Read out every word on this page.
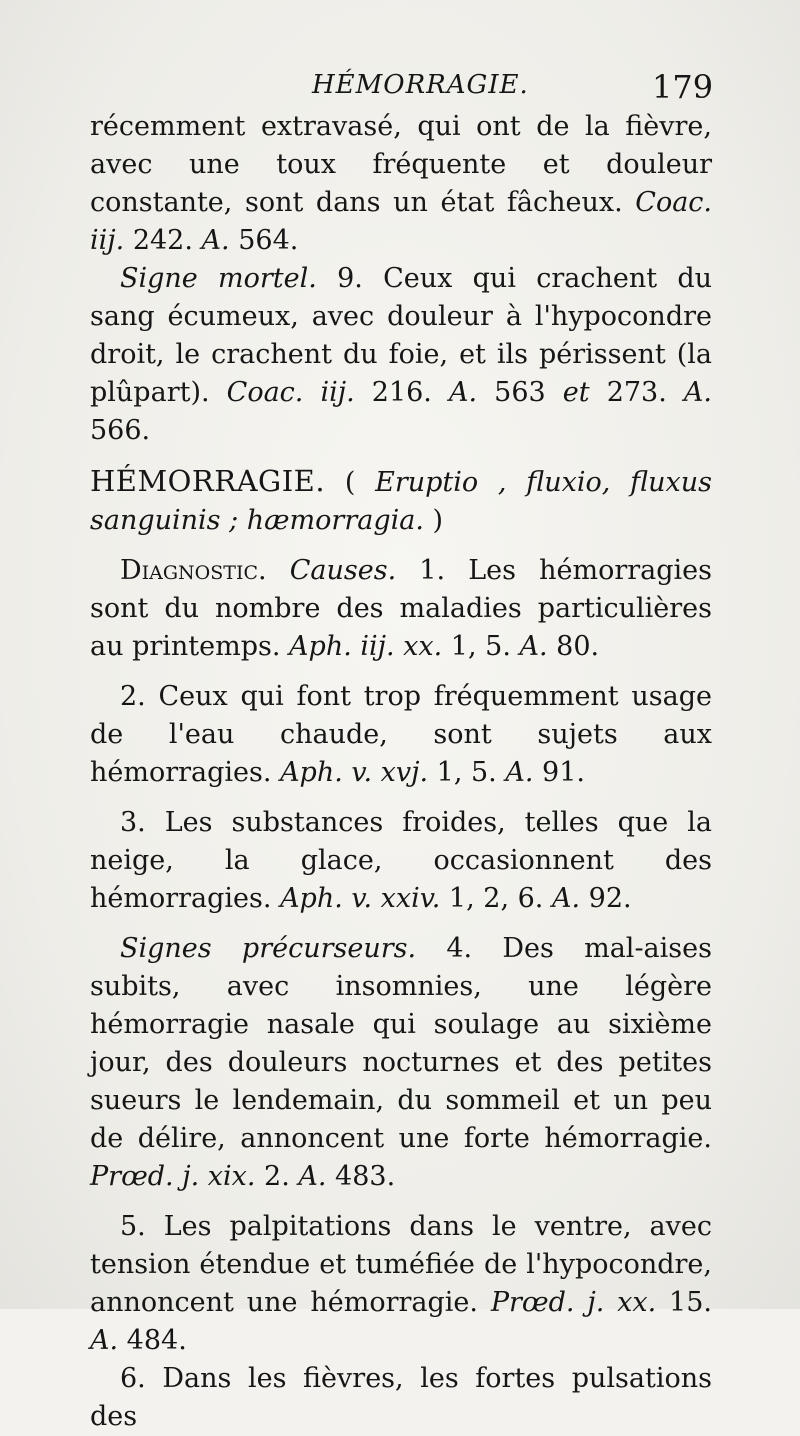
HÉMORRAGIE.	179

récemment extravasé, qui ont de la fièvre, avec une toux fréquente et douleur constante, sont dans un état fâcheux. Coac. iij. 242. A. 564.

Signe mortel. 9. Ceux qui crachent du sang écumeux, avec douleur à l'hypocondre droit, le crachent du foie, et ils périssent (la plûpart). Coac. iij. 216. A. 563 et 273. A. 566.

HÉMORRAGIE. ( Eruptio , fluxio, fluxus sanguinis ; hæmorragia. )

Diagnostic. Causes. 1. Les hémorragies sont du nombre des maladies particulières au printemps. Aph. iij. xx. 1, 5. A. 80.

2. Ceux qui font trop fréquemment usage de l'eau chaude, sont sujets aux hémorragies. Aph. v. xvj. 1, 5. A. 91.

3. Les substances froides, telles que la neige, la glace, occasionnent des hémorragies. Aph. v. xxiv. 1, 2, 6. A. 92.

Signes précurseurs. 4. Des mal-aises subits, avec insomnies, une légère hémorragie nasale qui soulage au sixième jour, des douleurs nocturnes et des petites sueurs le lendemain, du sommeil et un peu de délire, annoncent une forte hémorragie. Prœd. j. xix. 2. A. 483.

5. Les palpitations dans le ventre, avec tension étendue et tuméfiée de l'hypocondre, annoncent une hémorragie. Prœd. j. xx. 15. A. 484.

6. Dans les fièvres, les fortes pulsations des
